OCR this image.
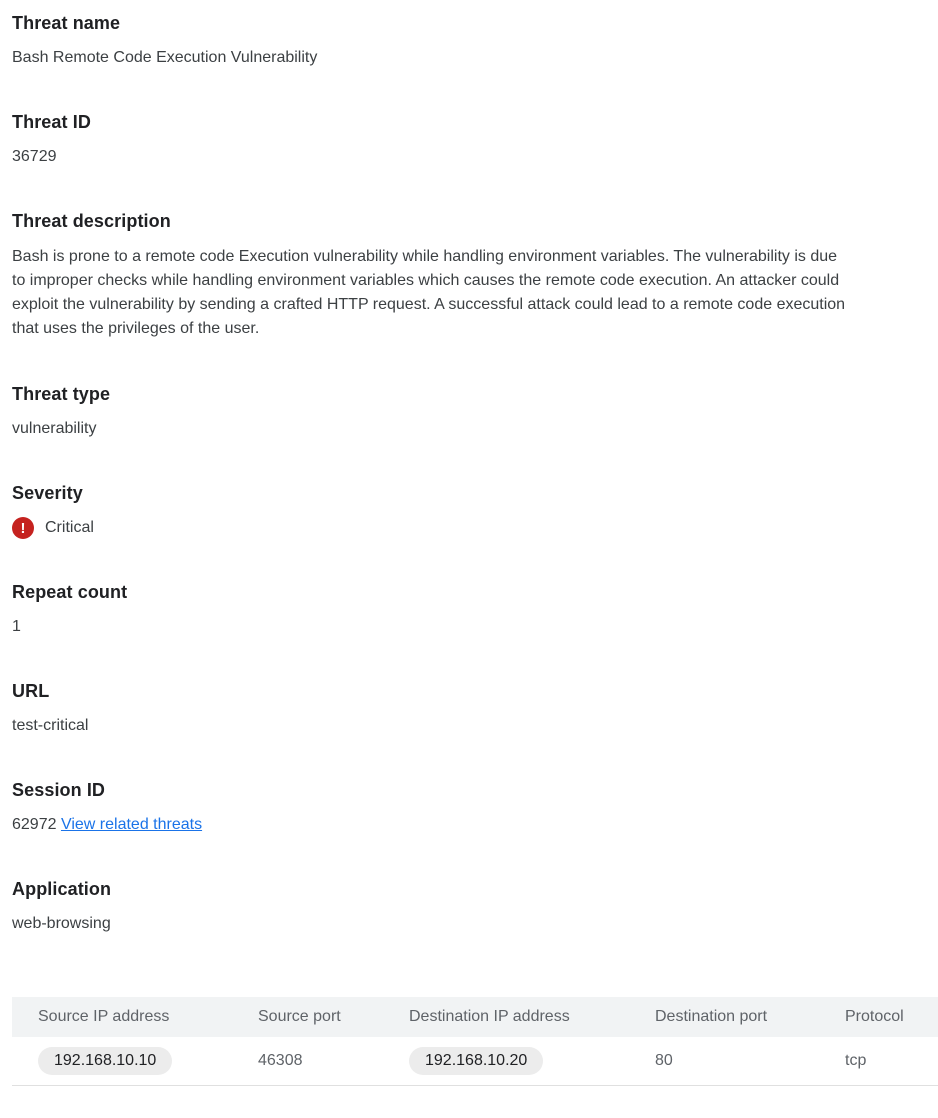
Threat name

Bash Remote Code Execution Vulnerability

Threat ID

36729

Threat description

Bash is prone to a remote code Execution vulnerability while handling environment variables. The vulnerability is due to improper checks while handling environment variables which causes the remote code execution. An attacker could exploit the vulnerability by sending a crafted HTTP request. A successful attack could lead to a remote code execution that uses the privileges of the user.

Threat type

vulnerability

Severity

!	Critical

Repeat count

1

URL

test-critical

Session ID

62972 View related threats

Application

web-browsing

Source IP address	Source port	Destination IP address	Destination port	Protocol
192.168.10.10	46308	192.168.10.20	80	tcp
